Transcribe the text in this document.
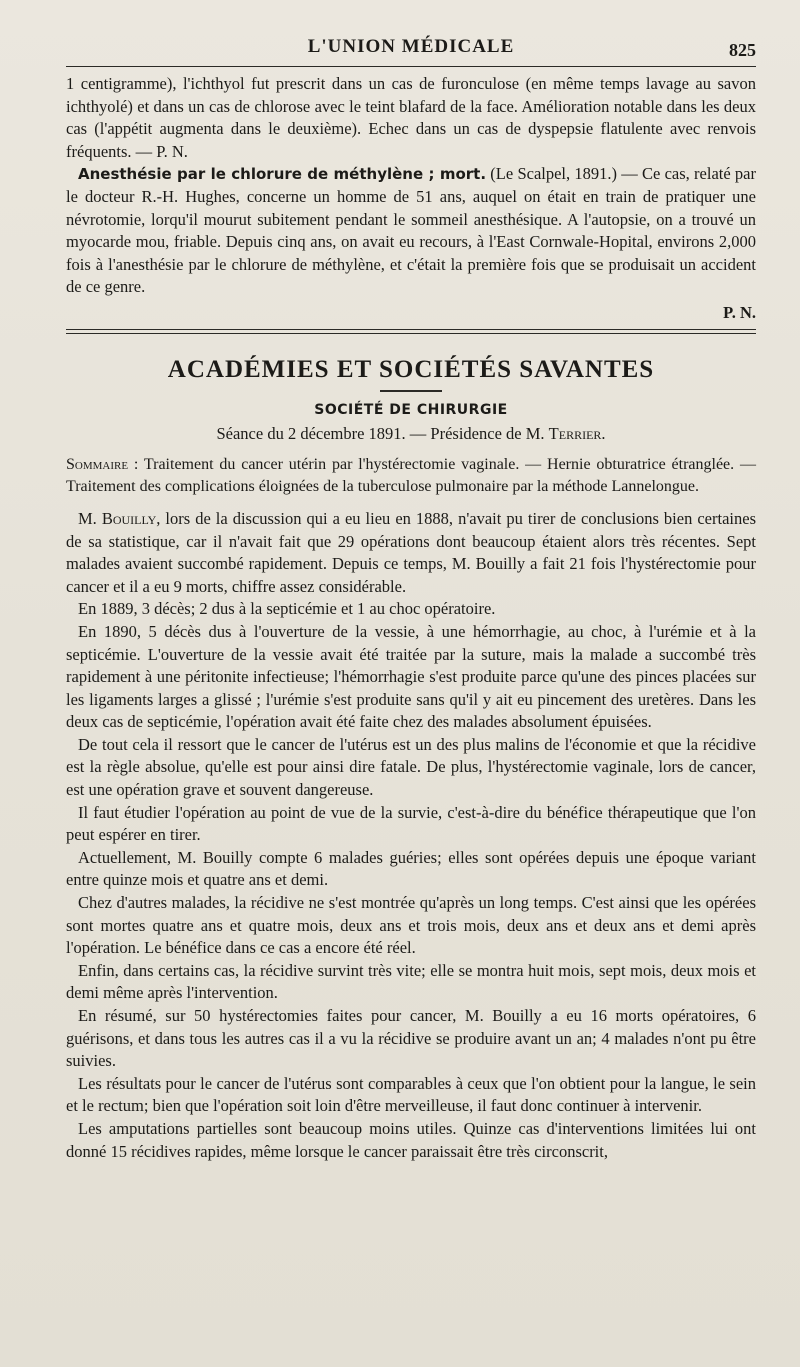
L'UNION MÉDICALE	825

1 centigramme), l'ichthyol fut prescrit dans un cas de furonculose (en même temps lavage au savon ichthyolé) et dans un cas de chlorose avec le teint blafard de la face. Amélioration notable dans les deux cas (l'appétit augmenta dans le deuxième). Echec dans un cas de dyspepsie flatulente avec renvois fréquents. — P. N.

Anesthésie par le chlorure de méthylène ; mort. (Le Scalpel, 1891.) — Ce cas, relaté par le docteur R.-H. Hughes, concerne un homme de 51 ans, auquel on était en train de pratiquer une névrotomie, lorqu'il mourut subitement pendant le sommeil anesthésique. A l'autopsie, on a trouvé un myocarde mou, friable. Depuis cinq ans, on avait eu recours, à l'East Cornwale-Hopital, environs 2,000 fois à l'anesthésie par le chlorure de méthylène, et c'était la première fois que se produisait un accident de ce genre.

P. N.
ACADÉMIES ET SOCIÉTÉS SAVANTES
SOCIÉTÉ DE CHIRURGIE
Séance du 2 décembre 1891. — Présidence de M. Terrier.

Sommaire : Traitement du cancer utérin par l'hystérectomie vaginale. — Hernie obturatrice étranglée. — Traitement des complications éloignées de la tuberculose pulmonaire par la méthode Lannelongue.

M. Bouilly, lors de la discussion qui a eu lieu en 1888, n'avait pu tirer de conclusions bien certaines de sa statistique, car il n'avait fait que 29 opérations dont beaucoup étaient alors très récentes. Sept malades avaient succombé rapidement. Depuis ce temps, M. Bouilly a fait 21 fois l'hystérectomie pour cancer et il a eu 9 morts, chiffre assez considérable.

En 1889, 3 décès; 2 dus à la septicémie et 1 au choc opératoire.

En 1890, 5 décès dus à l'ouverture de la vessie, à une hémorrhagie, au choc, à l'urémie et à la septicémie. L'ouverture de la vessie avait été traitée par la suture, mais la malade a succombé très rapidement à une péritonite infectieuse; l'hémorrhagie s'est produite parce qu'une des pinces placées sur les ligaments larges a glissé ; l'urémie s'est produite sans qu'il y ait eu pincement des uretères. Dans les deux cas de septicémie, l'opération avait été faite chez des malades absolument épuisées.

De tout cela il ressort que le cancer de l'utérus est un des plus malins de l'économie et que la récidive est la règle absolue, qu'elle est pour ainsi dire fatale. De plus, l'hystérectomie vaginale, lors de cancer, est une opération grave et souvent dangereuse.

Il faut étudier l'opération au point de vue de la survie, c'est-à-dire du bénéfice thérapeutique que l'on peut espérer en tirer.

Actuellement, M. Bouilly compte 6 malades guéries; elles sont opérées depuis une époque variant entre quinze mois et quatre ans et demi.

Chez d'autres malades, la récidive ne s'est montrée qu'après un long temps. C'est ainsi que les opérées sont mortes quatre ans et quatre mois, deux ans et trois mois, deux ans et deux ans et demi après l'opération. Le bénéfice dans ce cas a encore été réel.

Enfin, dans certains cas, la récidive survint très vite; elle se montra huit mois, sept mois, deux mois et demi même après l'intervention.

En résumé, sur 50 hystérectomies faites pour cancer, M. Bouilly a eu 16 morts opératoires, 6 guérisons, et dans tous les autres cas il a vu la récidive se produire avant un an; 4 malades n'ont pu être suivies.

Les résultats pour le cancer de l'utérus sont comparables à ceux que l'on obtient pour la langue, le sein et le rectum; bien que l'opération soit loin d'être merveilleuse, il faut donc continuer à intervenir.

Les amputations partielles sont beaucoup moins utiles. Quinze cas d'interventions limitées lui ont donné 15 récidives rapides, même lorsque le cancer paraissait être très circonscrit,
